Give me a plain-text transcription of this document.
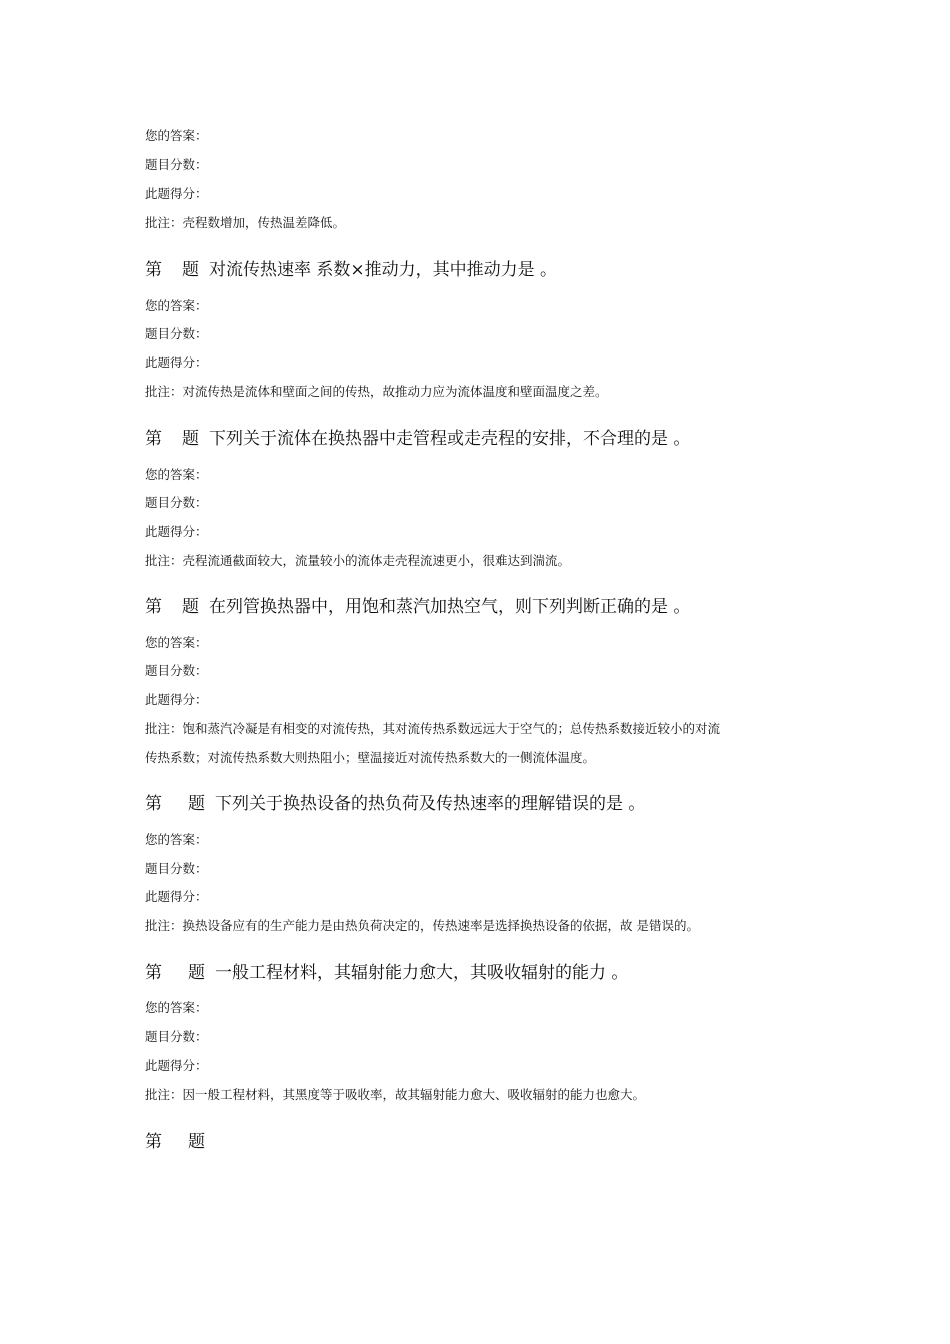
您的答案：
题目分数：
此题得分：
批注：壳程数增加，传热温差降低。
第 题 对流传热速率 系数×推动力，其中推动力是 。
您的答案：
题目分数：
此题得分：
批注：对流传热是流体和壁面之间的传热，故推动力应为流体温度和壁面温度之差。
第 题 下列关于流体在换热器中走管程或走壳程的安排，不合理的是 。
您的答案：
题目分数：
此题得分：
批注：壳程流通截面较大，流量较小的流体走壳程流速更小，很难达到湍流。
第 题 在列管换热器中，用饱和蒸汽加热空气，则下列判断正确的是 。
您的答案：
题目分数：
此题得分：
批注：饱和蒸汽冷凝是有相变的对流传热，其对流传热系数远远大于空气的；总传热系数接近较小的对流
传热系数；对流传热系数大则热阻小；壁温接近对流传热系数大的一侧流体温度。
第 题 下列关于换热设备的热负荷及传热速率的理解错误的是 。
您的答案：
题目分数：
此题得分：
批注：换热设备应有的生产能力是由热负荷决定的，传热速率是选择换热设备的依据，故 是错误的。
第 题 一般工程材料，其辐射能力愈大，其吸收辐射的能力 。
您的答案：
题目分数：
此题得分：
批注：因一般工程材料，其黑度等于吸收率，故其辐射能力愈大、吸收辐射的能力也愈大。
第 题
